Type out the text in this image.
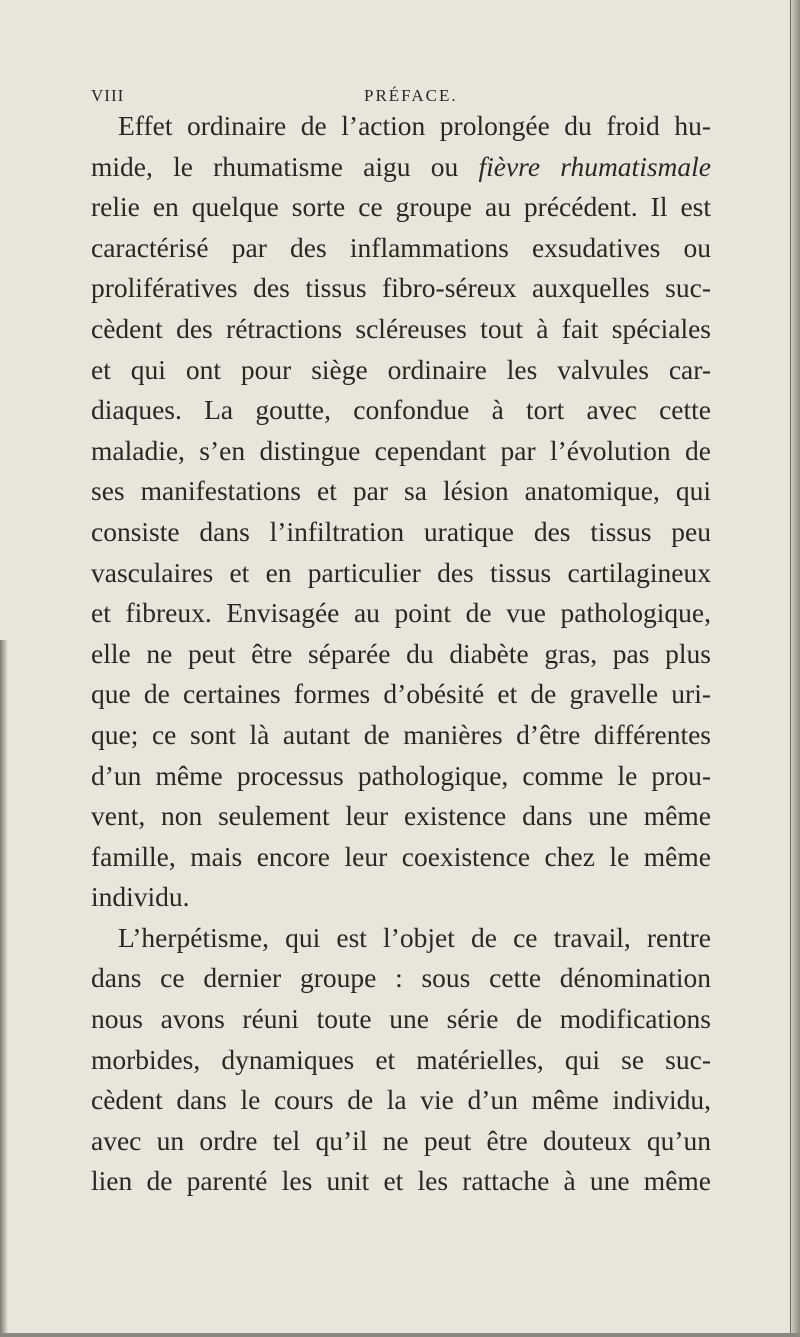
VIII	PRÉFACE.
Effet ordinaire de l’action prolongée du froid hu-
mide, le rhumatisme aigu ou fièvre rhumatismale
relie en quelque sorte ce groupe au précédent. Il est
caractérisé par des inflammations exsudatives ou
prolifératives des tissus fibro-séreux auxquelles suc-
cèdent des rétractions scléreuses tout à fait spéciales
et qui ont pour siège ordinaire les valvules car-
diaques. La goutte, confondue à tort avec cette
maladie, s’en distingue cependant par l’évolution de
ses manifestations et par sa lésion anatomique, qui
consiste dans l’infiltration uratique des tissus peu
vasculaires et en particulier des tissus cartilagineux
et fibreux. Envisagée au point de vue pathologique,
elle ne peut être séparée du diabète gras, pas plus
que de certaines formes d’obésité et de gravelle uri-
que; ce sont là autant de manières d’être différentes
d’un même processus pathologique, comme le prou-
vent, non seulement leur existence dans une même
famille, mais encore leur coexistence chez le même
individu.
L’herpétisme, qui est l’objet de ce travail, rentre
dans ce dernier groupe : sous cette dénomination
nous avons réuni toute une série de modifications
morbides, dynamiques et matérielles, qui se suc-
cèdent dans le cours de la vie d’un même individu,
avec un ordre tel qu’il ne peut être douteux qu’un
lien de parenté les unit et les rattache à une même
